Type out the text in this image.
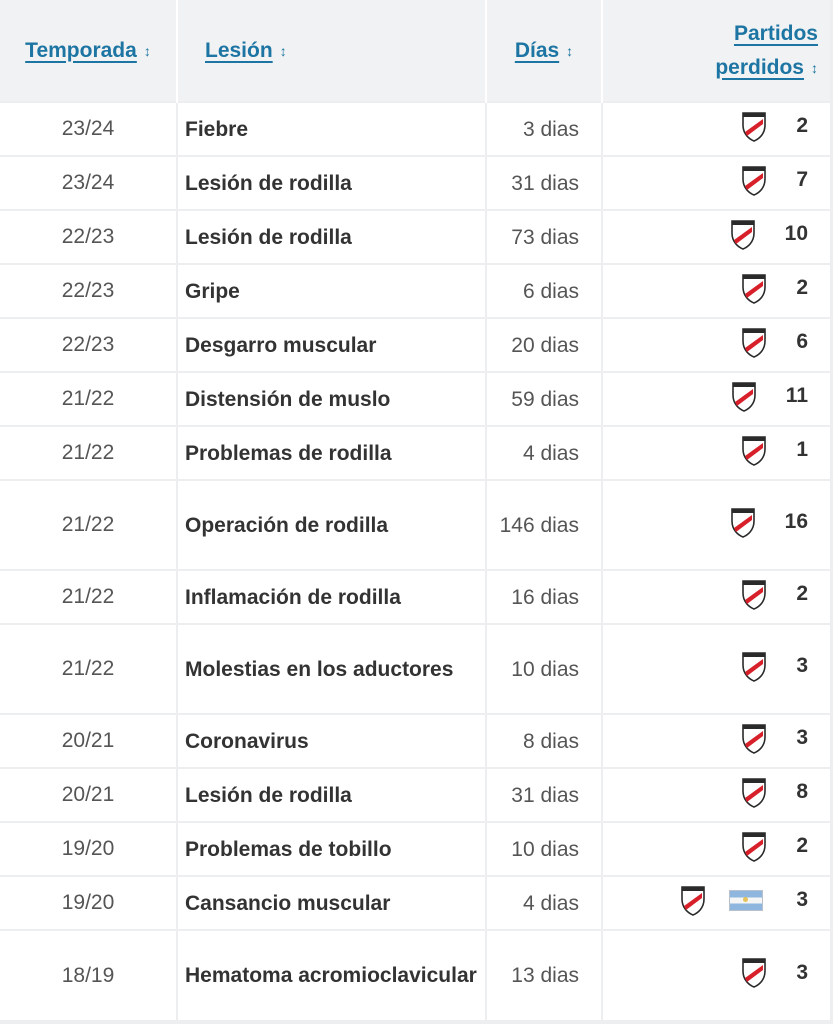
Temporada ↕	Lesión ↕	Días ↕	Partidos
perdidos ↕
23/24	Fiebre	3 dias	2

23/24	Lesión de rodilla	31 dias	7

22/23	Lesión de rodilla	73 dias	10

22/23	Gripe	6 dias	2

22/23	Desgarro muscular	20 dias	6

21/22	Distensión de muslo	59 dias	11

21/22	Problemas de rodilla	4 dias	1

21/22	Operación de rodilla	146 dias	16

21/22	Inflamación de rodilla	16 dias	2

21/22	Molestias en los aductores	10 dias	3

20/21	Coronavirus	8 dias	3

20/21	Lesión de rodilla	31 dias	8

19/20	Problemas de tobillo	10 dias	2

19/20	Cansancio muscular	4 dias	3

18/19	Hematoma acromioclavicular	13 dias	3
